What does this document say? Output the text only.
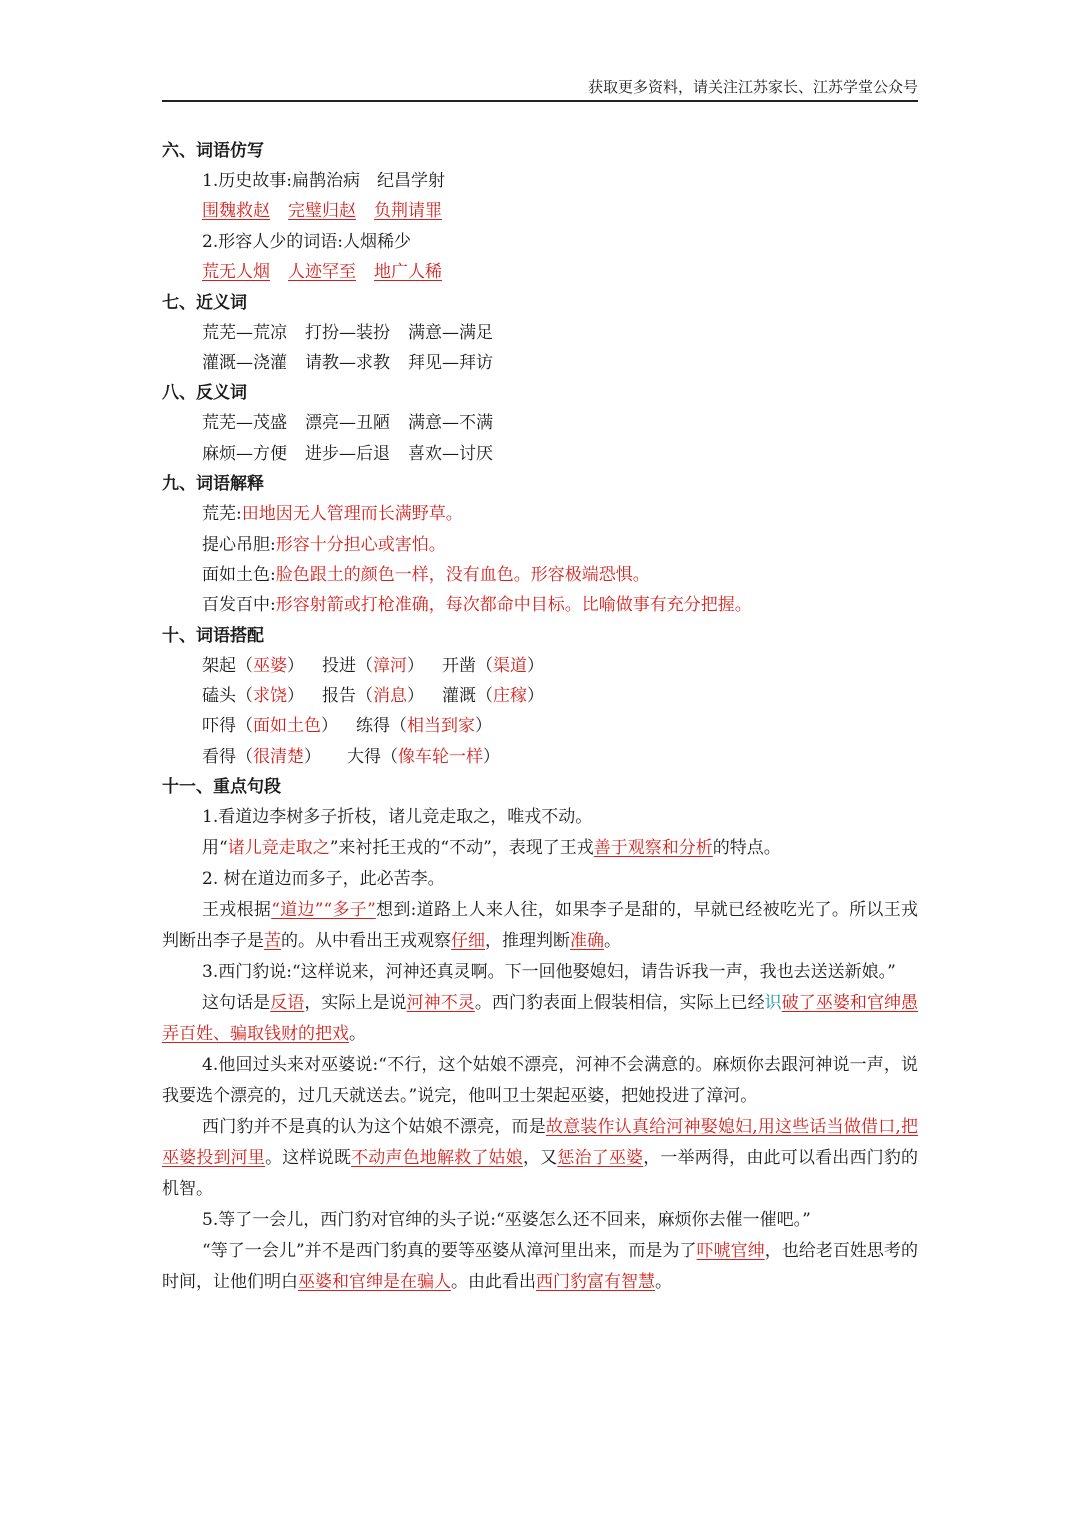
获取更多资料，请关注江苏家长、江苏学堂公众号
六、词语仿写
1.历史故事:扁鹊治病　纪昌学射
围魏救赵 完璧归赵 负荆请罪
2.形容人少的词语:人烟稀少
荒无人烟 人迹罕至 地广人稀
七、近义词
荒芜—荒凉 打扮—装扮 满意—满足
灌溉—浇灌 请教—求教 拜见—拜访
八、反义词
荒芜—茂盛 漂亮—丑陋 满意—不满
麻烦—方便 进步—后退 喜欢—讨厌
九、词语解释
荒芜:田地因无人管理而长满野草。
提心吊胆:形容十分担心或害怕。
面如土色:脸色跟土的颜色一样，没有血色。形容极端恐惧。
百发百中:形容射箭或打枪准确，每次都命中目标。比喻做事有充分把握。
十、词语搭配
架起（巫婆） 投进（漳河） 开凿（渠道）
磕头（求饶） 报告（消息） 灌溉（庄稼）
吓得（面如土色） 练得（相当到家）
看得（很清楚） 大得（像车轮一样）
十一、重点句段
1.看道边李树多子折枝，诸儿竞走取之，唯戎不动。
用“诸儿竞走取之”来衬托王戎的“不动”，表现了王戎善于观察和分析的特点。
2. 树在道边而多子，此必苦李。
王戎根据“道边”“多子”想到:道路上人来人往，如果李子是甜的，早就已经被吃光了。所以王戎判断出李子是苦的。从中看出王戎观察仔细，推理判断准确。
3.西门豹说:“这样说来，河神还真灵啊。下一回他娶媳妇，请告诉我一声，我也去送送新娘。”
这句话是反语，实际上是说河神不灵。西门豹表面上假装相信，实际上已经识破了巫婆和官绅愚弄百姓、骗取钱财的把戏。
4.他回过头来对巫婆说:“不行，这个姑娘不漂亮，河神不会满意的。麻烦你去跟河神说一声，说我要选个漂亮的，过几天就送去。”说完，他叫卫士架起巫婆，把她投进了漳河。
西门豹并不是真的认为这个姑娘不漂亮，而是故意装作认真给河神娶媳妇,用这些话当做借口,把巫婆投到河里。这样说既不动声色地解救了姑娘，又惩治了巫婆，一举两得，由此可以看出西门豹的机智。
5.等了一会儿，西门豹对官绅的头子说:“巫婆怎么还不回来，麻烦你去催一催吧。”
“等了一会儿”并不是西门豹真的要等巫婆从漳河里出来，而是为了吓唬官绅，也给老百姓思考的时间，让他们明白巫婆和官绅是在骗人。由此看出西门豹富有智慧。
